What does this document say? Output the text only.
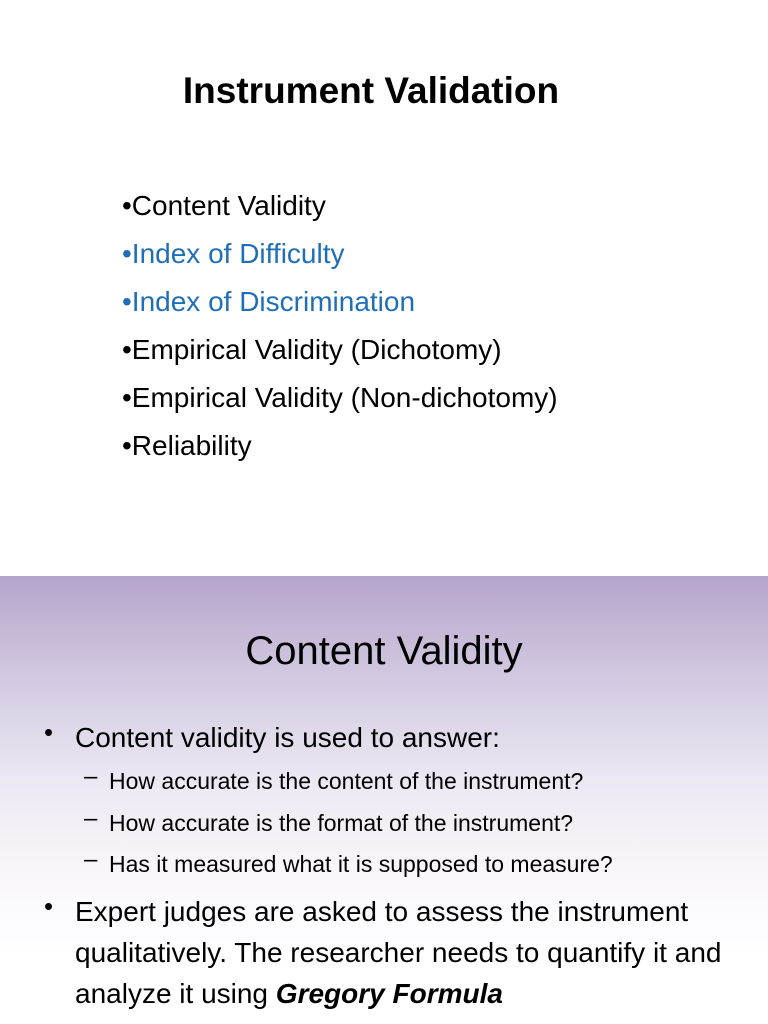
Instrument Validation
•Content Validity
•Index of Difficulty
•Index of Discrimination
•Empirical Validity (Dichotomy)
•Empirical Validity (Non-dichotomy)
•Reliability
Content Validity
• Content validity is used to answer:
– How accurate is the content of the instrument?
– How accurate is the format of the instrument?
– Has it measured what it is supposed to measure?
• Expert judges are asked to assess the instrument qualitatively. The researcher needs to quantify it and analyze it using Gregory Formula
